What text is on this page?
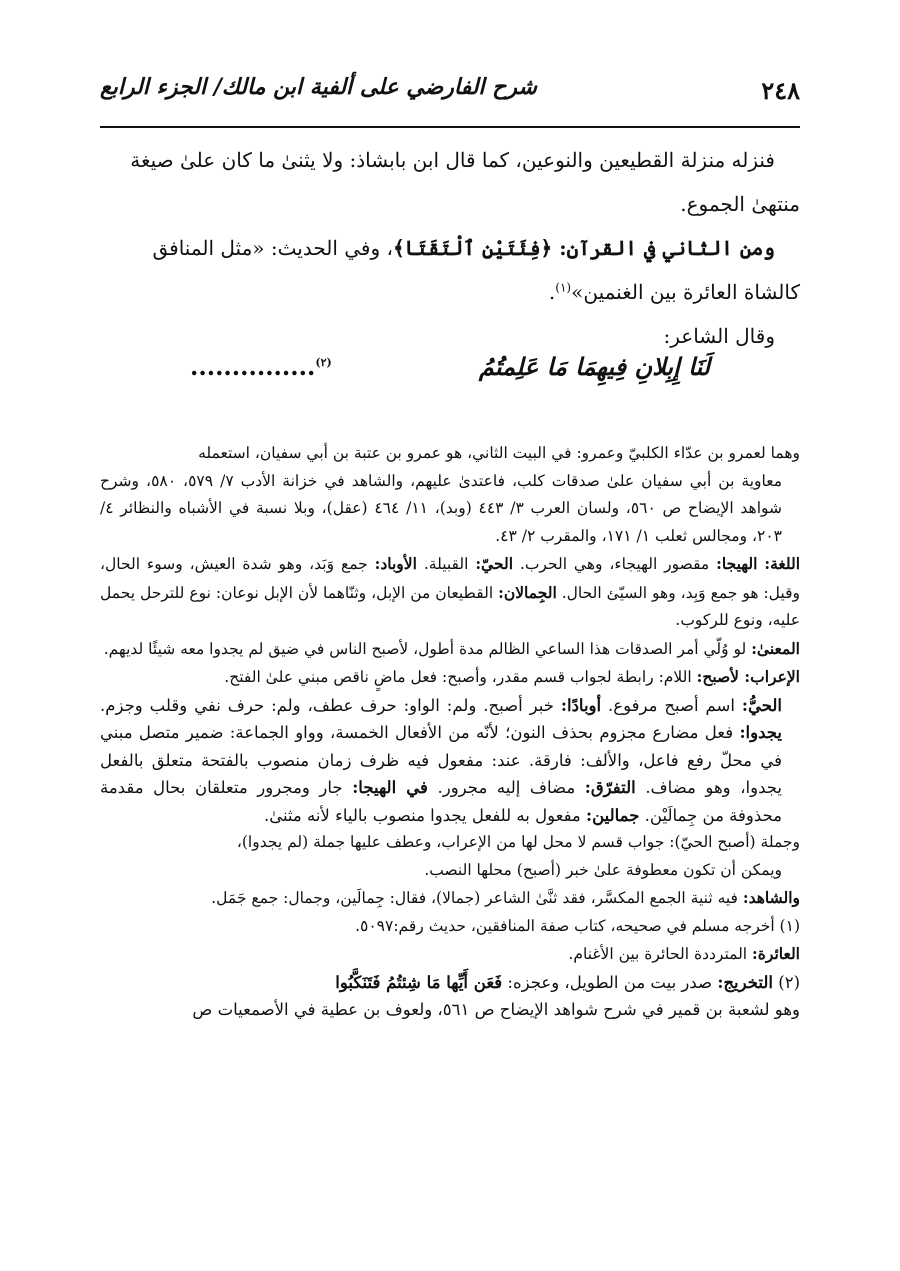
٢٤٨
شرح الفارضي على ألفية ابن مالك/ الجزء الرابع

فنزله منزلة القطيعين والنوعين، كما قال ابن بابشاذ: ولا يثنىٰ ما كان علىٰ صيغة منتهىٰ الجموع.

ومن الثاني في القرآن: ﴿فِئَتَيْنِ ٱلْتَقَتَا﴾، وفي الحديث: «مثل المنافق كالشاة العائرة بين الغنمين»$^{(١)}$.

وقال الشاعر:

لَنَا إِبِلانِ فِيهِمَا مَا عَلِمتُمُ
$^{(٢)}$...............

وهما لعمرو بن عدّاء الكلبيّ وعمرو: في البيت الثاني، هو عمرو بن عتبة بن أبي سفيان، استعمله

معاوية بن أبي سفيان علىٰ صدقات كلب، فاعتدىٰ عليهم، والشاهد في خزانة الأدب ٧/ ٥٧٩، ٥٨٠، وشرح شواهد الإيضاح ص ٥٦٠، ولسان العرب ٣/ ٤٤٣ (وبد)، ١١/ ٤٦٤ (عقل)، وبلا نسبة في الأشباه والنظائر ٤/ ٢٠٣، ومجالس ثعلب ١/ ١٧١، والمقرب ٢/ ٤٣.

اللغة: الهيجا: مقصور الهيجاء، وهي الحرب. الحيّ: القبيلة. الأوباد: جمع وَبَد، وهو شدة العيش، وسوء الحال، وقيل: هو جمع وَبِد، وهو السيّئ الحال. الجِمالان: القطيعان من الإبل، وثنّاهما لأن الإبل نوعان: نوع للترحل يحمل عليه، ونوع للركوب.

المعنىٰ: لو وُلّي أمر الصدقات هذا الساعي الظالم مدة أطول، لأصبح الناس في ضيق لم يجدوا معه شيئًا لديهم.

الإعراب: لأصبح: اللام: رابطة لجواب قسم مقدر، وأصبح: فعل ماضٍ ناقص مبني علىٰ الفتح.

الحيُّ: اسم أصبح مرفوع. أوبادًا: خبر أصبح. ولم: الواو: حرف عطف، ولم: حرف نفي وقلب وجزم. يجدوا: فعل مضارع مجزوم بحذف النون؛ لأنّه من الأفعال الخمسة، وواو الجماعة: ضمير متصل مبني في محلّ رفع فاعل، والألف: فارقة. عند: مفعول فيه ظرف زمان منصوب بالفتحة متعلق بالفعل يجدوا، وهو مضاف. التفرّق: مضاف إليه مجرور. في الهيجا: جار ومجرور متعلقان بحال مقدمة محذوفة من جِمالَيْن. جمالين: مفعول به للفعل يجدوا منصوب بالياء لأنه مثنىٰ.

وجملة (أصبح الحيّ): جواب قسم لا محل لها من الإعراب، وعطف عليها جملة (لم يجدوا)،

ويمكن أن تكون معطوفة علىٰ خبر (أصبح) محلها النصب.

والشاهد: فيه ثنية الجمع المكسَّر، فقد ثنَّىٰ الشاعر (جمالا)، فقال: جِمالَين، وجمال: جمع جَمَل.

(١) أخرجه مسلم في صحيحه، كتاب صفة المنافقين، حديث رقم:٥٠٩٧.

العائرة: المترددة الحائرة بين الأغنام.

(٢) التخريج: صدر بيت من الطويل، وعجزه: فَعَن أَيِّها مَا شِئتُمُ فَتَنَكَّبُوا

وهو لشعبة بن قمير في شرح شواهد الإيضاح ص ٥٦١، ولعوف بن عطية في الأصمعيات ص
